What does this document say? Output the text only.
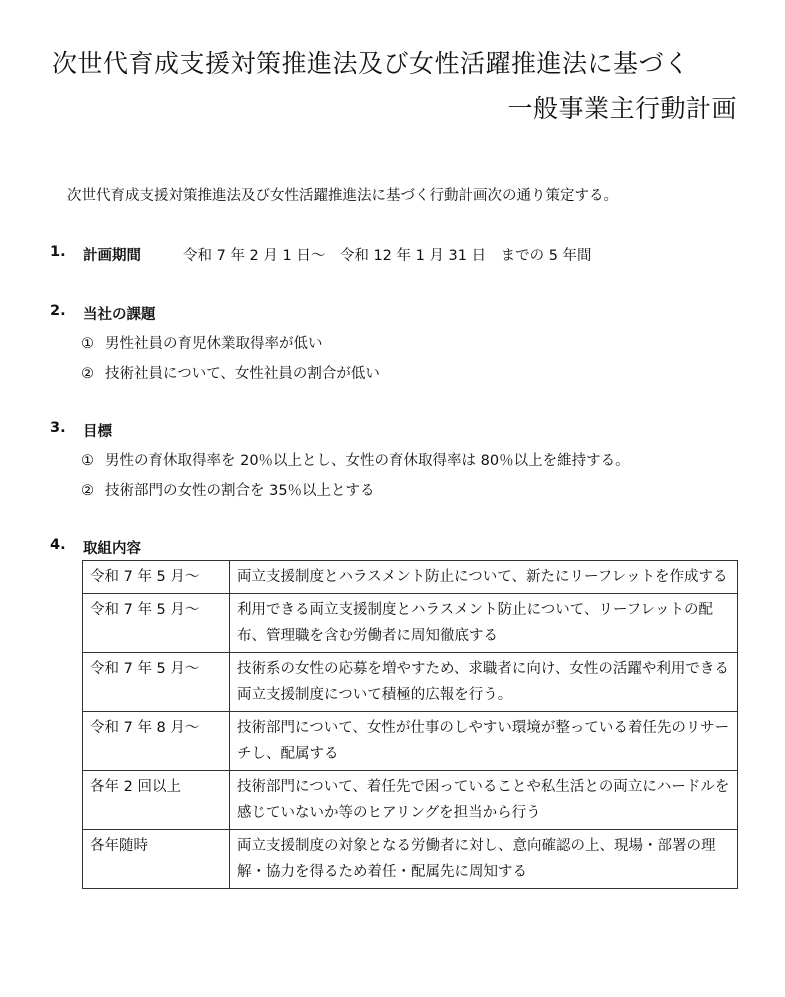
次世代育成支援対策推進法及び女性活躍推進法に基づく
一般事業主行動計画
次世代育成支援対策推進法及び女性活躍推進法に基づく行動計画次の通り策定する。
1. 計画期間	令和 7 年 2 月 1 日～　令和 12 年 1 月 31 日　までの 5 年間
2. 当社の課題
① 男性社員の育児休業取得率が低い
② 技術社員について、女性社員の割合が低い
3. 目標
① 男性の育休取得率を 20％以上とし、女性の育休取得率は 80％以上を維持する。
② 技術部門の女性の割合を 35％以上とする
4. 取組内容
令和 7 年 5 月～	両立支援制度とハラスメント防止について、新たにリーフレットを作成する
令和 7 年 5 月～	利用できる両立支援制度とハラスメント防止について、リーフレットの配布、管理職を含む労働者に周知徹底する
令和 7 年 5 月～	技術系の女性の応募を増やすため、求職者に向け、女性の活躍や利用できる両立支援制度について積極的広報を行う。
令和 7 年 8 月～	技術部門について、女性が仕事のしやすい環境が整っている着任先のリサーチし、配属する
各年 2 回以上	技術部門について、着任先で困っていることや私生活との両立にハードルを感じていないか等のヒアリングを担当から行う
各年随時	両立支援制度の対象となる労働者に対し、意向確認の上、現場・部署の理解・協力を得るため着任・配属先に周知する
